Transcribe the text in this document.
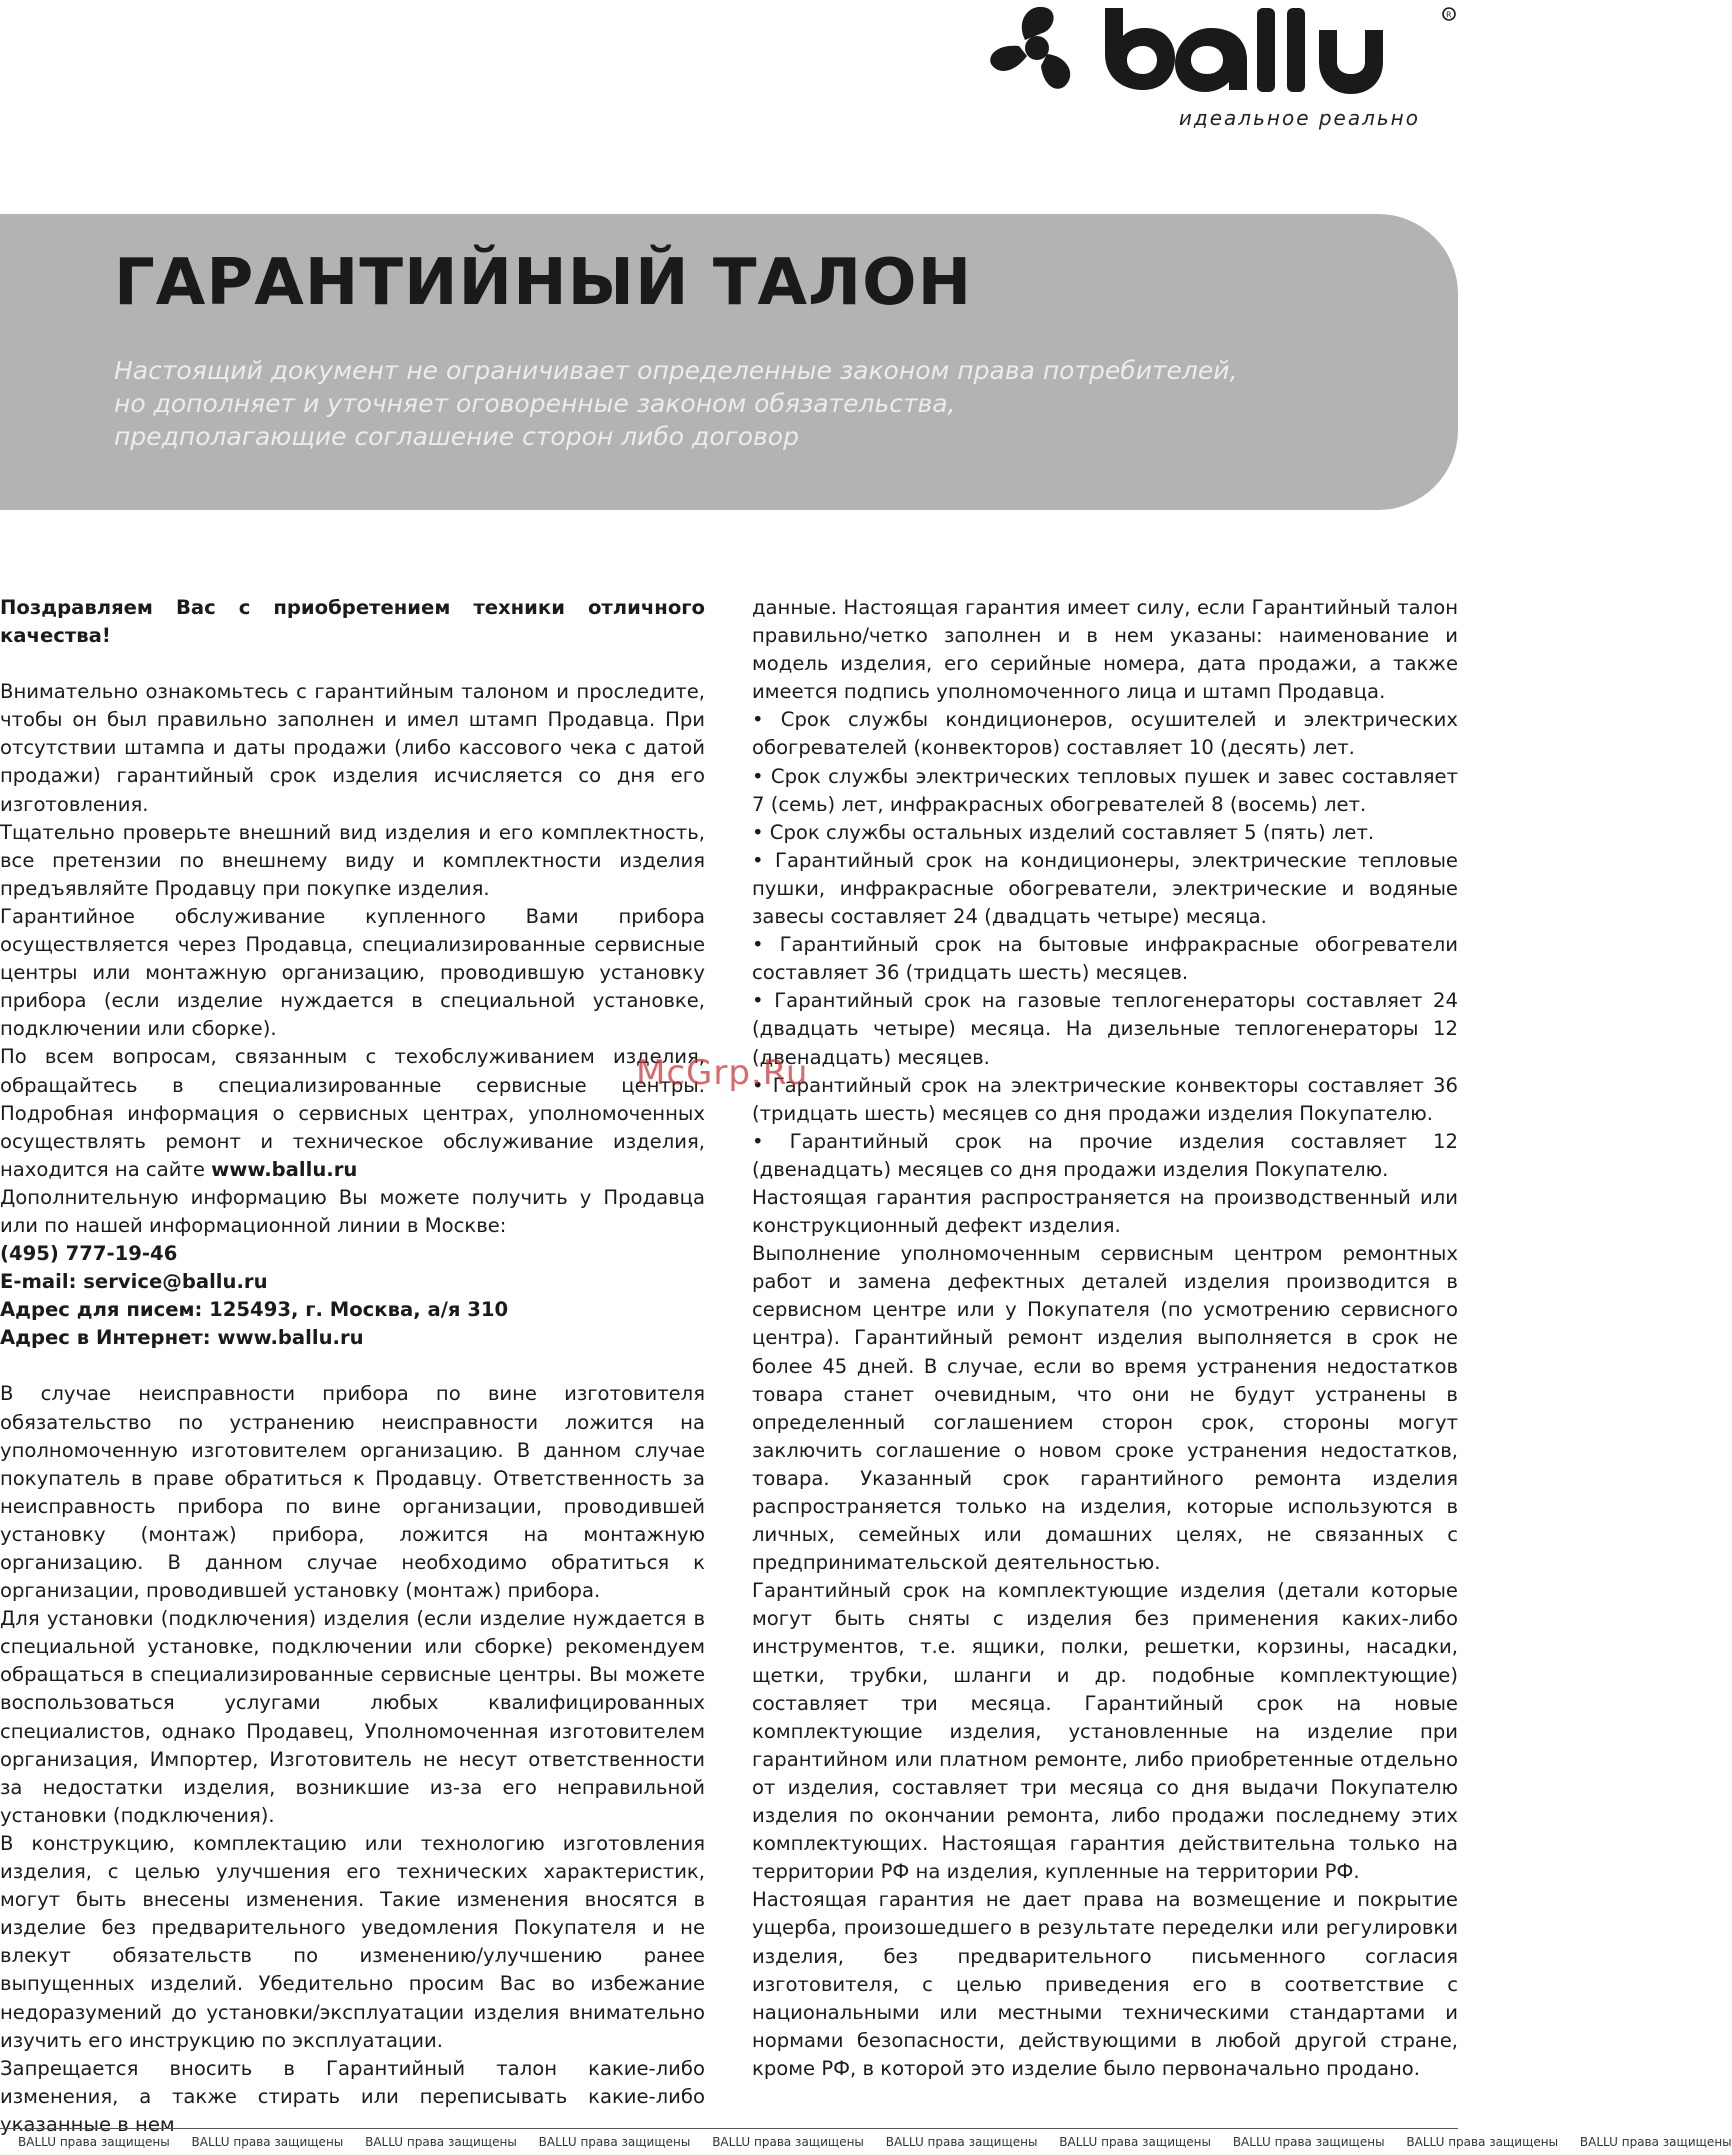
R
идеальное реально
ГАРАНТИЙНЫЙ ТАЛОН
Настоящий документ не ограничивает определенные законом права потребителей,
но дополняет и уточняет оговоренные законом обязательства,
предполагающие соглашение сторон либо договор

Поздравляем Вас с приобретением техники отличного качества!

Внимательно ознакомьтесь с гарантийным талоном и проследите, чтобы он был правильно заполнен и имел штамп Продавца. При отсутствии штампа и даты продажи (либо кассового чека с датой продажи) гарантийный срок изделия исчисляется со дня его изготовления.

Тщательно проверьте внешний вид изделия и его комплектность, все претензии по внешнему виду и комплектности изделия предъявляйте Продавцу при покупке изделия.

Гарантийное обслуживание купленного Вами прибора осуществляется через Продавца, специализированные сервисные центры или монтажную организацию, проводившую установку прибора (если изделие нуждается в специальной установке, подключении или сборке).

По всем вопросам, связанным с техобслуживанием изделия, обращайтесь в специализированные сервисные центры. Подробная информация о сервисных центрах, уполномоченных осуществлять ремонт и техническое обслуживание изделия, находится на сайте www.ballu.ru

Дополнительную информацию Вы можете получить у Продавца или по нашей информационной линии в Москве:

(495) 777-19-46

E-mail: service@ballu.ru

Адрес для писем: 125493, г. Москва, а/я 310

Адрес в Интернет: www.ballu.ru

В случае неисправности прибора по вине изготовителя обязательство по устранению неисправности ложится на уполномоченную изготовителем организацию. В данном случае покупатель в праве обратиться к Продавцу. Ответственность за неисправность прибора по вине организации, проводившей установку (монтаж) прибора, ложится на монтажную организацию. В данном случае необходимо обратиться к организации, проводившей установку (монтаж) прибора.

Для установки (подключения) изделия (если изделие нуждается в специальной установке, подключении или сборке) рекомендуем обращаться в специализированные сервисные центры. Вы можете воспользоваться услугами любых квалифицированных специалистов, однако Продавец, Уполномоченная изготовителем организация, Импортер, Изготовитель не несут ответственности за недостатки изделия, возникшие из-за его неправильной установки (подключения).

В конструкцию, комплектацию или технологию изготовления изделия, с целью улучшения его технических характеристик, могут быть внесены изменения. Такие изменения вносятся в изделие без предварительного уведомления Покупателя и не влекут обязательств по изменению/улучшению ранее выпущенных изделий. Убедительно просим Вас во избежание недоразумений до установки/эксплуатации изделия внимательно изучить его инструкцию по эксплуатации.

Запрещается вносить в Гарантийный талон какие-либо изменения, а также стирать или переписывать какие-либо указанные в нем

данные. Настоящая гарантия имеет силу, если Гарантийный талон правильно/четко заполнен и в нем указаны: наименование и модель изделия, его серийные номера, дата продажи, а также имеется подпись уполномоченного лица и штамп Продавца.

• Срок службы кондиционеров, осушителей и электрических обогревателей (конвекторов) составляет 10 (десять) лет.

• Срок службы электрических тепловых пушек и завес составляет 7 (семь) лет, инфракрасных обогревателей 8 (восемь) лет.

• Срок службы остальных изделий составляет 5 (пять) лет.

• Гарантийный срок на кондиционеры, электрические тепловые пушки, инфракрасные обогреватели, электрические и водяные завесы составляет 24 (двадцать четыре) месяца.

• Гарантийный срок на бытовые инфракрасные обогреватели составляет 36 (тридцать шесть) месяцев.

• Гарантийный срок на газовые теплогенераторы составляет 24 (двадцать четыре) месяца. На дизельные теплогенераторы 12 (двенадцать) месяцев.

• Гарантийный срок на электрические конвекторы составляет 36 (тридцать шесть) месяцев со дня продажи изделия Покупателю.

• Гарантийный срок на прочие изделия составляет 12 (двенадцать) месяцев со дня продажи изделия Покупателю.

Настоящая гарантия распространяется на производственный или конструкционный дефект изделия.

Выполнение уполномоченным сервисным центром ремонтных работ и замена дефектных деталей изделия производится в сервисном центре или у Покупателя (по усмотрению сервисного центра). Гарантийный ремонт изделия выполняется в срок не более 45 дней. В случае, если во время устранения недостатков товара станет очевидным, что они не будут устранены в определенный соглашением сторон срок, стороны могут заключить соглашение о новом сроке устранения недостатков, товара. Указанный срок гарантийного ремонта изделия распространяется только на изделия, которые используются в личных, семейных или домашних целях, не связанных с предпринимательской деятельностью.

Гарантийный срок на комплектующие изделия (детали которые могут быть сняты с изделия без применения каких-либо инструментов, т.е. ящики, полки, решетки, корзины, насадки, щетки, трубки, шланги и др. подобные комплектующие) составляет три месяца. Гарантийный срок на новые комплектующие изделия, установленные на изделие при гарантийном или платном ремонте, либо приобретенные отдельно от изделия, составляет три месяца со дня выдачи Покупателю изделия по окончании ремонта, либо продажи последнему этих комплектующих. Настоящая гарантия действительна только на территории РФ на изделия, купленные на территории РФ.

Настоящая гарантия не дает права на возмещение и покрытие ущерба, произошедшего в результате переделки или регулировки изделия, без предварительного письменного согласия изготовителя, с целью приведения его в соответствие с национальными или местными техническими стандартами и нормами безопасности, действующими в любой другой стране, кроме РФ, в которой это изделие было первоначально продано.

McGrp.Ru
BALLU права защищены BALLU права защищены BALLU права защищены BALLU права защищены BALLU права защищены BALLU права защищены BALLU права защищены BALLU права защищены BALLU права защищены BALLU права защищены
